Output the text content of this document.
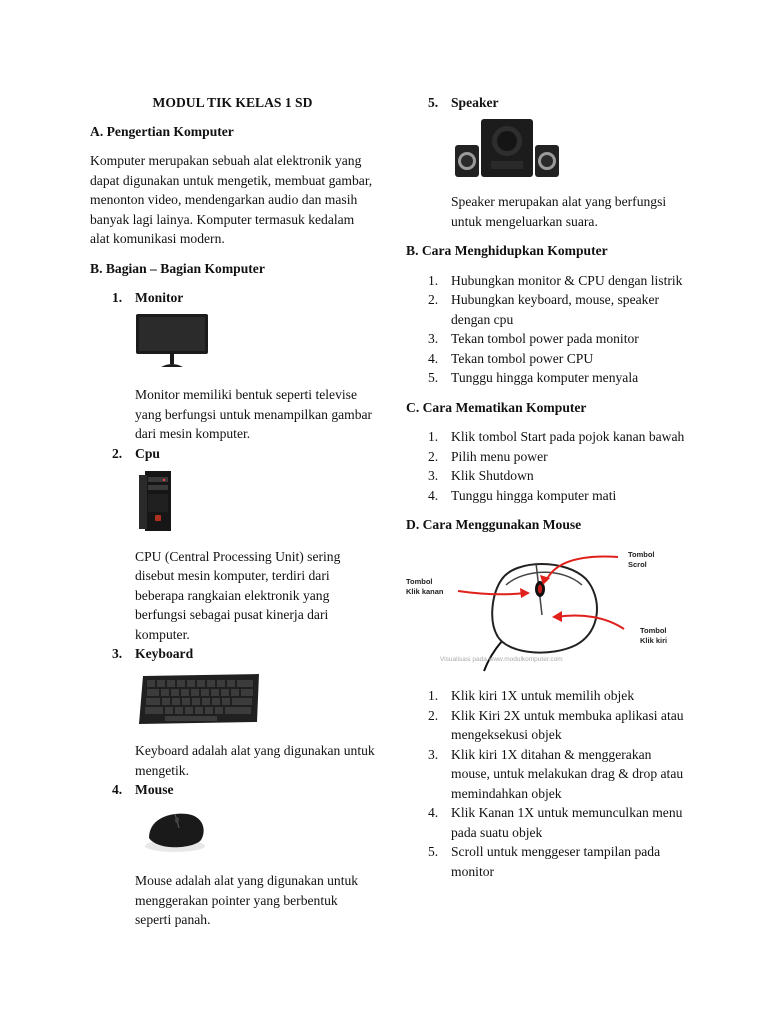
MODUL TIK KELAS 1 SD
A. Pengertian Komputer

Komputer merupakan sebuah alat elektronik yang dapat digunakan untuk mengetik, membuat gambar, menonton video, mendengarkan audio dan masih banyak lagi lainya. Komputer termasuk kedalam alat komunikasi modern.

B. Bagian – Bagian Komputer
1. Monitor

Monitor memiliki bentuk seperti televise yang berfungsi untuk menampilkan gambar dari mesin komputer.

2. Cpu

CPU (Central Processing Unit) sering disebut mesin komputer, terdiri dari beberapa rangkaian elektronik yang berfungsi sebagai pusat kinerja dari komputer.

3. Keyboard

Keyboard adalah alat yang digunakan untuk mengetik.

4. Mouse

Mouse adalah alat yang digunakan untuk menggerakan pointer yang berbentuk seperti panah.

5. Speaker

Speaker merupakan alat yang berfungsi untuk mengeluarkan suara.

B. Cara Menghidupkan Komputer
1. Hubungkan monitor & CPU dengan listrik
2. Hubungkan keyboard, mouse, speaker dengan cpu
3. Tekan tombol power pada monitor
4. Tekan tombol power CPU
5. Tunggu hingga komputer menyala
C. Cara Mematikan Komputer
1. Klik tombol Start pada pojok kanan bawah
2. Pilih menu power
3. Klik Shutdown
4. Tunggu hingga komputer mati
D. Cara Menggunakan Mouse
Tombol
Scrol
Tombol
Klik kanan
Tombol
Klik kiri
Visualisasi pada www.modulkomputer.com
1. Klik kiri 1X untuk memilih objek
2. Klik Kiri 2X untuk membuka aplikasi atau mengeksekusi objek
3. Klik kiri 1X ditahan & menggerakan mouse, untuk melakukan drag & drop atau memindahkan objek
4. Klik Kanan 1X untuk memunculkan menu pada suatu objek
5. Scroll untuk menggeser tampilan pada monitor
